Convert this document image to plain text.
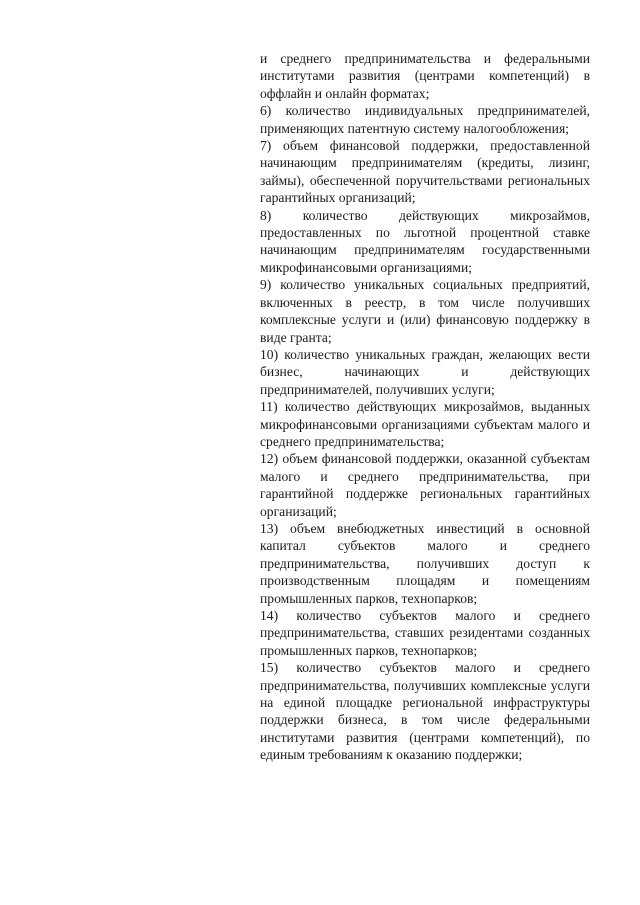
и среднего предпринимательства и федеральными институтами развития (центрами компетенций) в оффлайн и онлайн форматах;

6) количество индивидуальных предпринимателей, применяющих патентную систему налогообложения;

7) объем финансовой поддержки, предоставленной начинающим предпринимателям (кредиты, лизинг, займы), обеспеченной поручительствами региональных гарантийных организаций;

8) количество действующих микрозаймов, предоставленных по льготной процентной ставке начинающим предпринимателям государственными микрофинансовыми организациями;

9) количество уникальных социальных предприятий, включенных в реестр, в том числе получивших комплексные услуги и (или) финансовую поддержку в виде гранта;

10) количество уникальных граждан, желающих вести бизнес, начинающих и действующих предпринимателей, получивших услуги;

11) количество действующих микрозаймов, выданных микрофинансовыми организациями субъектам малого и среднего предпринимательства;

12) объем финансовой поддержки, оказанной субъектам малого и среднего предпринимательства, при гарантийной поддержке региональных гарантийных организаций;

13) объем внебюджетных инвестиций в основной капитал субъектов малого и среднего предпринимательства, получивших доступ к производственным площадям и помещениям промышленных парков, технопарков;

14) количество субъектов малого и среднего предпринимательства, ставших резидентами созданных промышленных парков, технопарков;

15) количество субъектов малого и среднего предпринимательства, получивших комплексные услуги на единой площадке региональной инфраструктуры поддержки бизнеса, в том числе федеральными институтами развития (центрами компетенций), по единым требованиям к оказанию поддержки;
